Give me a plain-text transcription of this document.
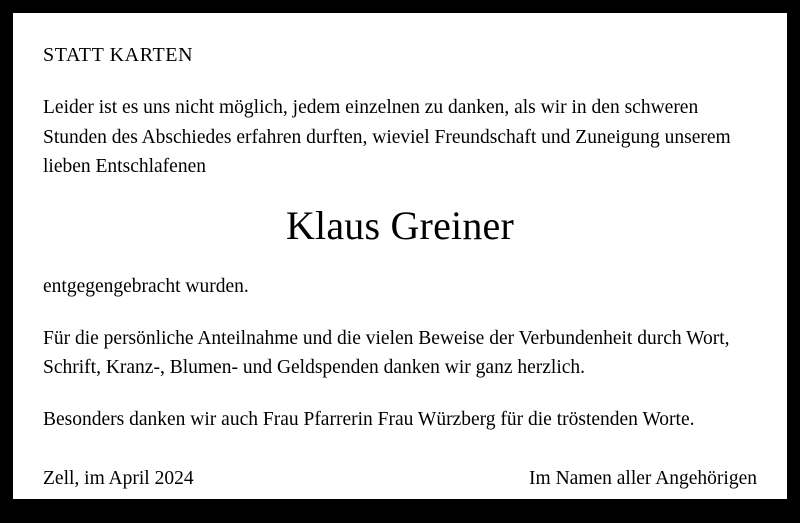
STATT KARTEN
Leider ist es uns nicht möglich, jedem einzelnen zu danken, als wir in den schweren Stunden des Abschiedes erfahren durften, wieviel Freundschaft und Zuneigung unserem lieben Entschlafenen
Klaus Greiner
entgegengebracht wurden.
Für die persönliche Anteilnahme und die vielen Beweise der Verbundenheit durch Wort, Schrift, Kranz-, Blumen- und Geldspenden danken wir ganz herzlich.
Besonders danken wir auch Frau Pfarrerin Frau Würzberg für die tröstenden Worte.
Zell, im April 2024	Im Namen aller Angehörigen
Siglinde Greiner
